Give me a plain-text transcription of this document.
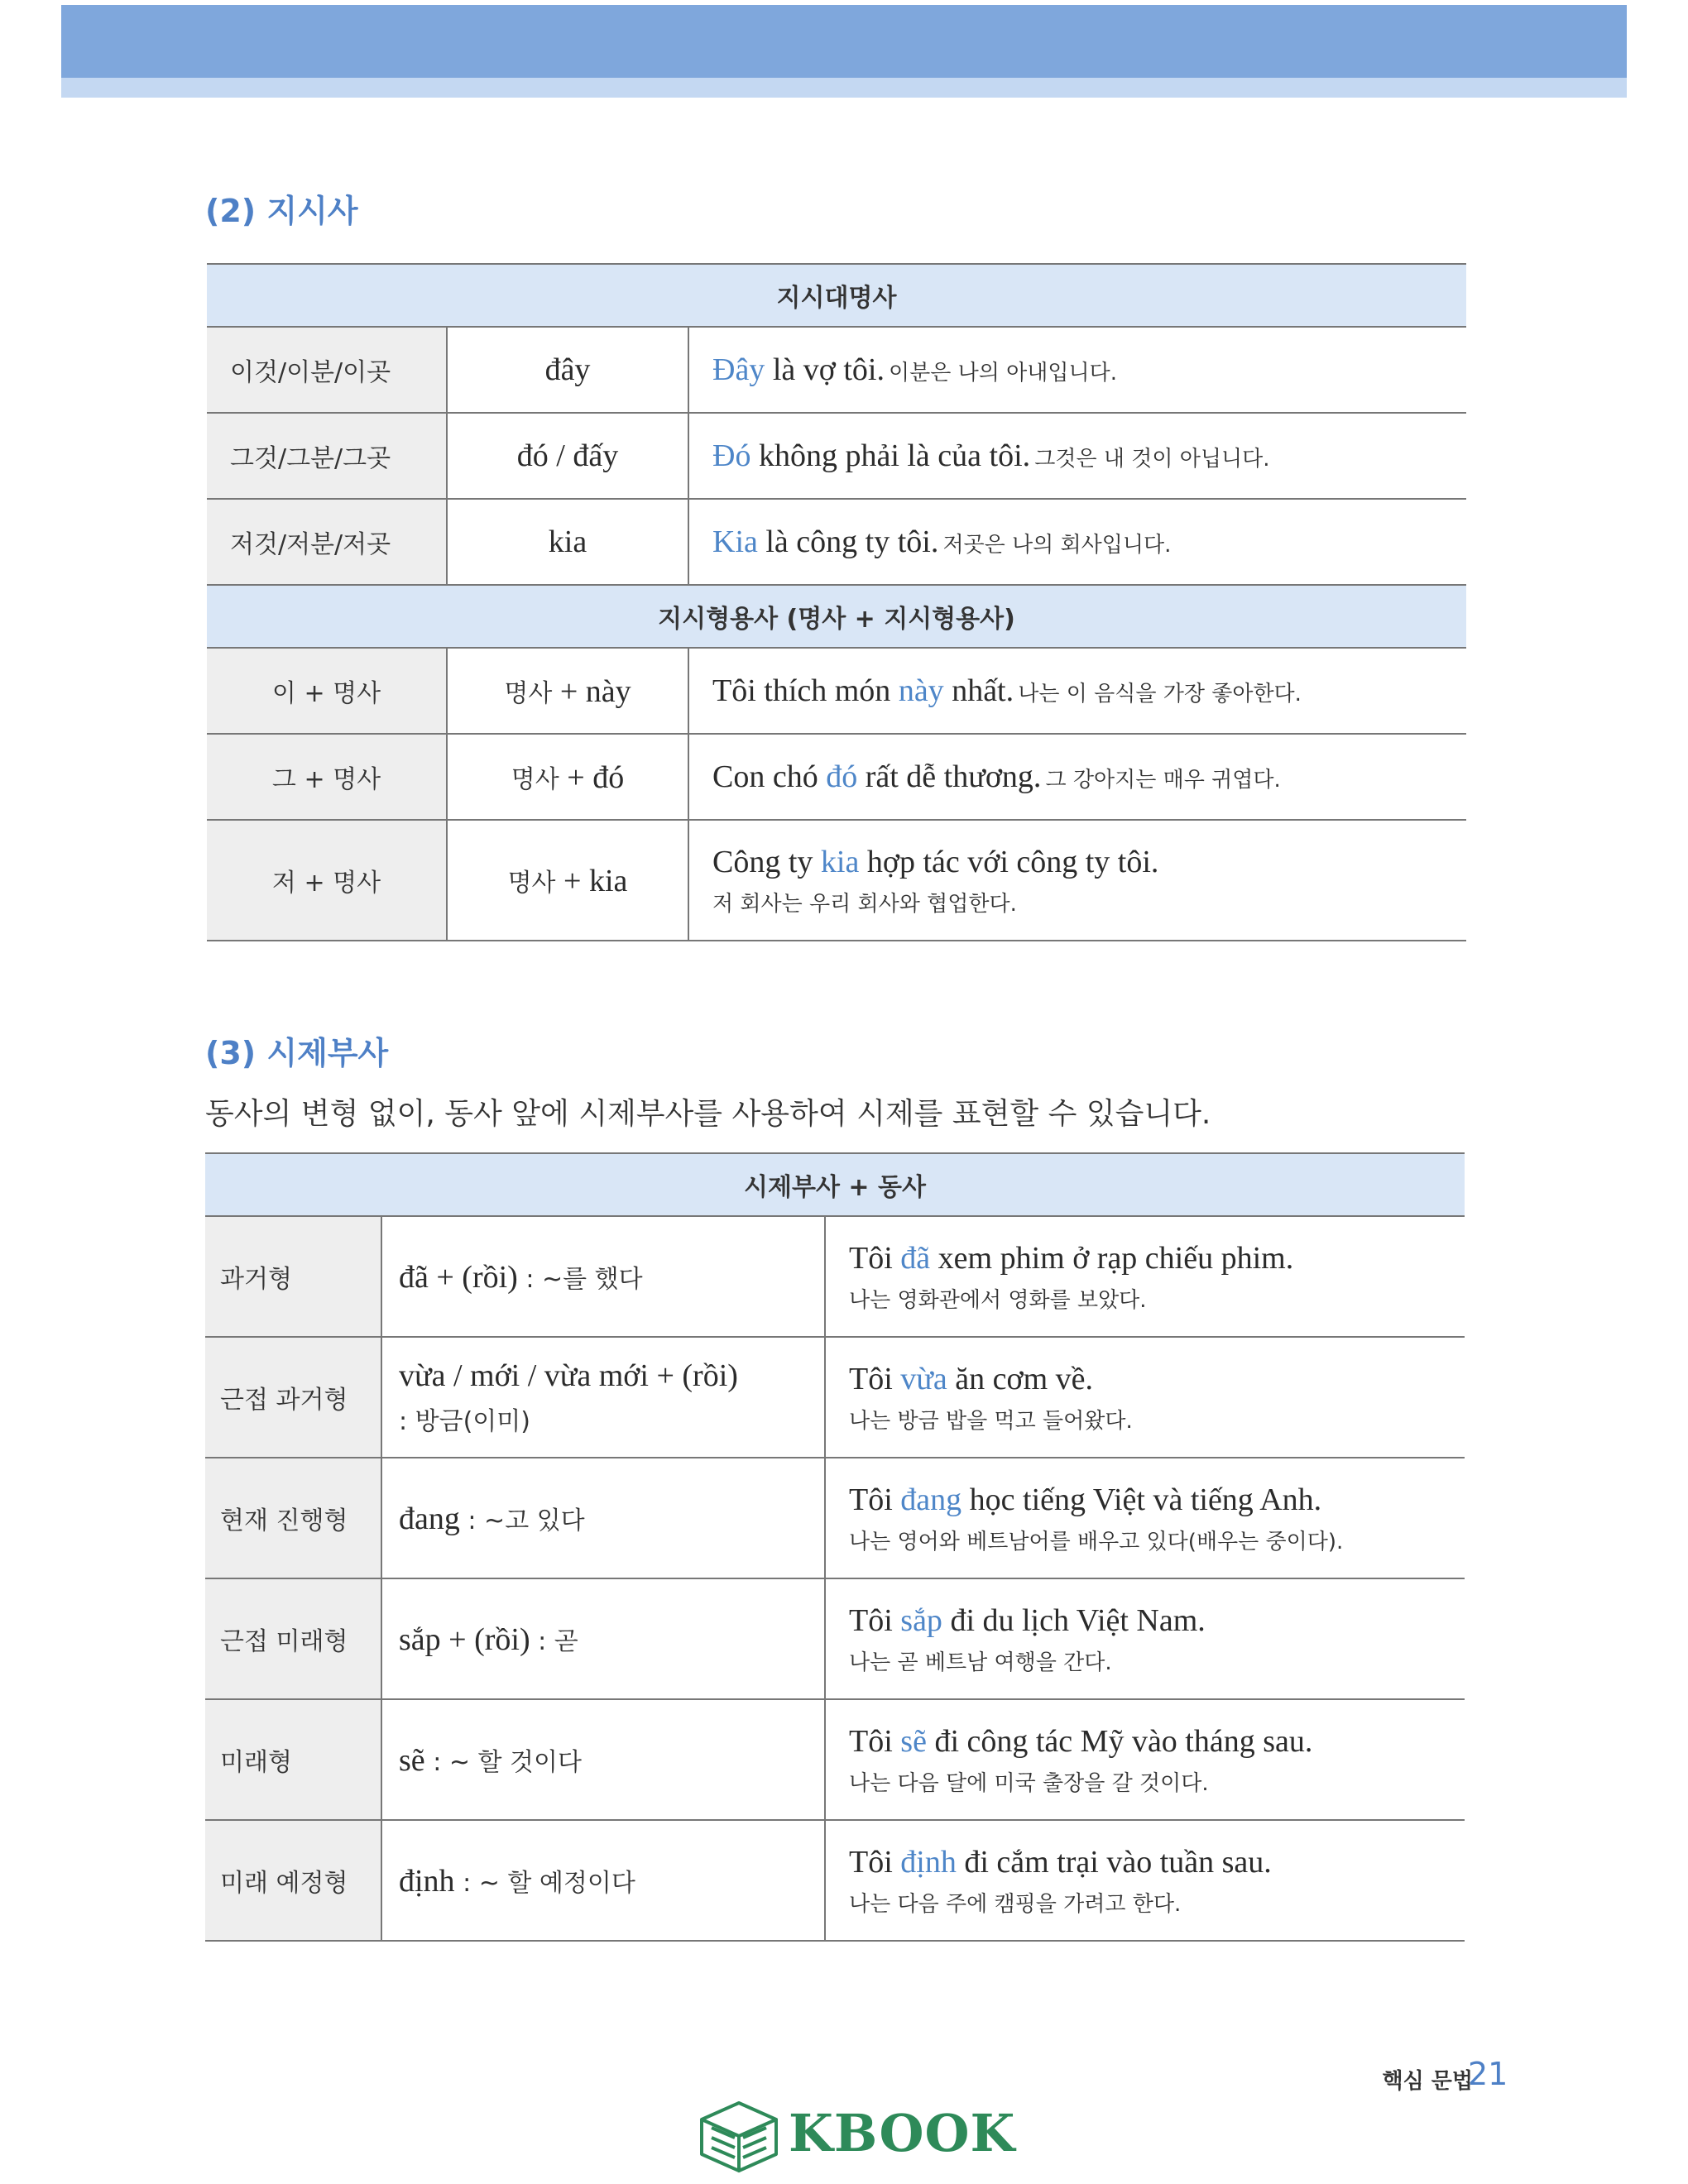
(2) 지시사
지시대명사		
이것/이분/이곳	đây	Đây là vợ tôi. 이분은 나의 아내입니다.
그것/그분/그곳	đó / đấy	Đó không phải là của tôi. 그것은 내 것이 아닙니다.
저것/저분/저곳	kia	Kia là công ty tôi. 저곳은 나의 회사입니다.
지시형용사 (명사 + 지시형용사)		
이 + 명사	명사 + này	Tôi thích món này nhất. 나는 이 음식을 가장 좋아한다.
그 + 명사	명사 + đó	Con chó đó rất dễ thương. 그 강아지는 매우 귀엽다.
저 + 명사	명사 + kia	Công ty kia hợp tác với công ty tôi.
저 회사는 우리 회사와 협업한다.
(3) 시제부사
동사의 변형 없이, 동사 앞에 시제부사를 사용하여 시제를 표현할 수 있습니다.
시제부사 + 동사		
과거형	đã + (rồi) : ~를 했다	Tôi đã xem phim ở rạp chiếu phim.
나는 영화관에서 영화를 보았다.

근접 과거형	vừa / mới / vừa mới + (rồi)
: 방금(이미)	Tôi vừa ăn cơm về.
나는 방금 밥을 먹고 들어왔다.

현재 진행형	đang : ~고 있다	Tôi đang học tiếng Việt và tiếng Anh.
나는 영어와 베트남어를 배우고 있다(배우는 중이다).

근접 미래형	sắp + (rồi) : 곧	Tôi sắp đi du lịch Việt Nam.
나는 곧 베트남 여행을 간다.

미래형	sẽ : ~ 할 것이다	Tôi sẽ đi công tác Mỹ vào tháng sau.
나는 다음 달에 미국 출장을 갈 것이다.

미래 예정형	định : ~ 할 예정이다	Tôi định đi cắm trại vào tuần sau.
나는 다음 주에 캠핑을 가려고 한다.
핵심 문법
21
KBOOK
